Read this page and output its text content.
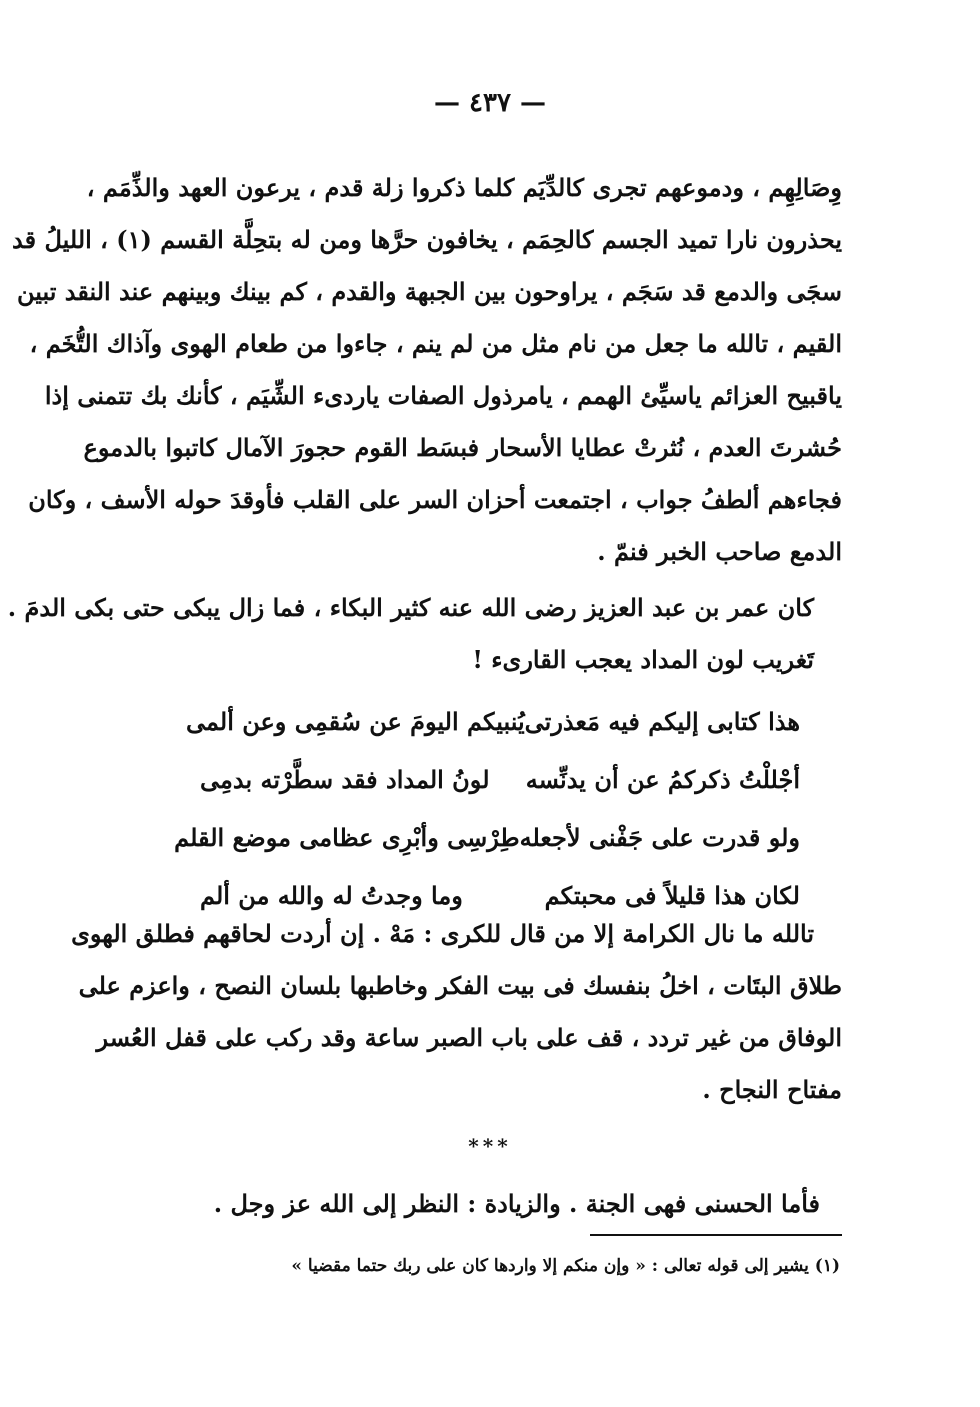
— ٤٣٧ —
وِصَالِهِم ، ودموعهم تجرى كالدِّيَم كلما ذكروا زلة قدم ، يرعون العهد والذِّمَم ،
يحذرون نارا تميد الجسم كالحِمَم ، يخافون حرَّها ومن له بتحِلَّة القسم (١) ، الليلُ قد
سجَى والدمع قد سَجَم ، يراوحون بين الجبهة والقدم ، كم بينك وبينهم عند النقد تبين
القيم ، تالله ما جعل من نام مثل من لم ينم ، جاءوا من طعام الهوى وآذاك التُّخَم ،
ياقبيح العزائم ياسيِّئ الهمم ، يامرذول الصفات ياردىء الشِّيَم ، كأنك بك تتمنى إذا
حُشرتَ العدم ، نُثرتْ عطايا الأسحار فبسَط القوم حجورَ الآمال كاتبوا بالدموع
فجاءهم ألطفُ جواب ، اجتمعت أحزان السر على القلب فأوقدَ حوله الأسف ، وكان
الدمع صاحب الخبر فنمّ .
كان عمر بن عبد العزيز رضى الله عنه كثير البكاء ، فما زال يبكى حتى بكى الدمَ .
تَغريب لون المداد يعجب القارىء !
هذا كتابى إليكم فيه مَعذرتى
يُنبيكم اليومَ عن سُقمِى وعن ألمى
أجْللْتُ ذكركمُ عن أن يدنِّسه
لونُ المداد فقد سطَّرْته بدمِى
ولو قدرت على جَفْنى لأجعله
طِرْسِى وأبْرِى عظامى موضع القلم
لكان هذا قليلاً فى محبتكم
وما وجدتُ له والله من ألم
تالله ما نال الكرامة إلا من قال للكرى : مَهْ . إن أردت لحاقهم فطلق الهوى
طلاق البتَات ، اخلُ بنفسك فى بيت الفكر وخاطبها بلسان النصح ، واعزم على
الوفاق من غير تردد ، قف على باب الصبر ساعة وقد ركب على قفل العُسر
مفتاح النجاح .
***
فأما الحسنى فهى الجنة . والزيادة : النظر إلى الله عز وجل .
(١) يشير إلى قوله تعالى : « وإن منكم إلا واردها كان على ربك حتما مقضيا »
